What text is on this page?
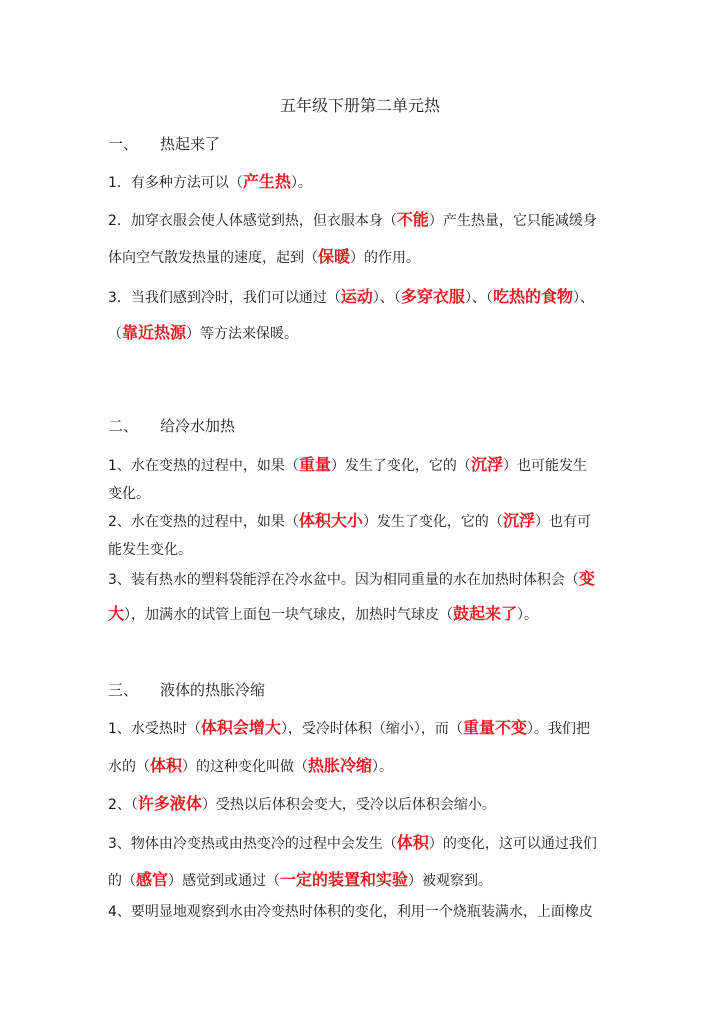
五年级下册第二单元热
一、 热起来了
二、 给冷水加热
三、 液体的热胀冷缩
1．有多种方法可以（产生热）。
2．加穿衣服会使人体感觉到热，但衣服本身（不能）产生热量，它只能减缓身
体向空气散发热量的速度，起到（保暖）的作用。
3．当我们感到冷时，我们可以通过（运动）、（多穿衣服）、（吃热的食物）、
（靠近热源）等方法来保暖。
1、水在变热的过程中，如果（重量）发生了变化，它的（沉浮）也可能发生
变化。
2、水在变热的过程中，如果（体积大小）发生了变化，它的（沉浮）也有可
能发生变化。
3、装有热水的塑料袋能浮在冷水盆中。因为相同重量的水在加热时体积会（变
大），加满水的试管上面包一块气球皮，加热时气球皮（鼓起来了）。
1、水受热时（体积会增大），受冷时体积（缩小），而（重量不变）。我们把
水的（体积）的这种变化叫做（热胀冷缩）。
2、（许多液体）受热以后体积会变大，受冷以后体积会缩小。
3、物体由冷变热或由热变冷的过程中会发生（体积）的变化，这可以通过我们
的（感官）感觉到或通过（一定的装置和实验）被观察到。
4、要明显地观察到水由冷变热时体积的变化，利用一个烧瓶装满水，上面橡皮
